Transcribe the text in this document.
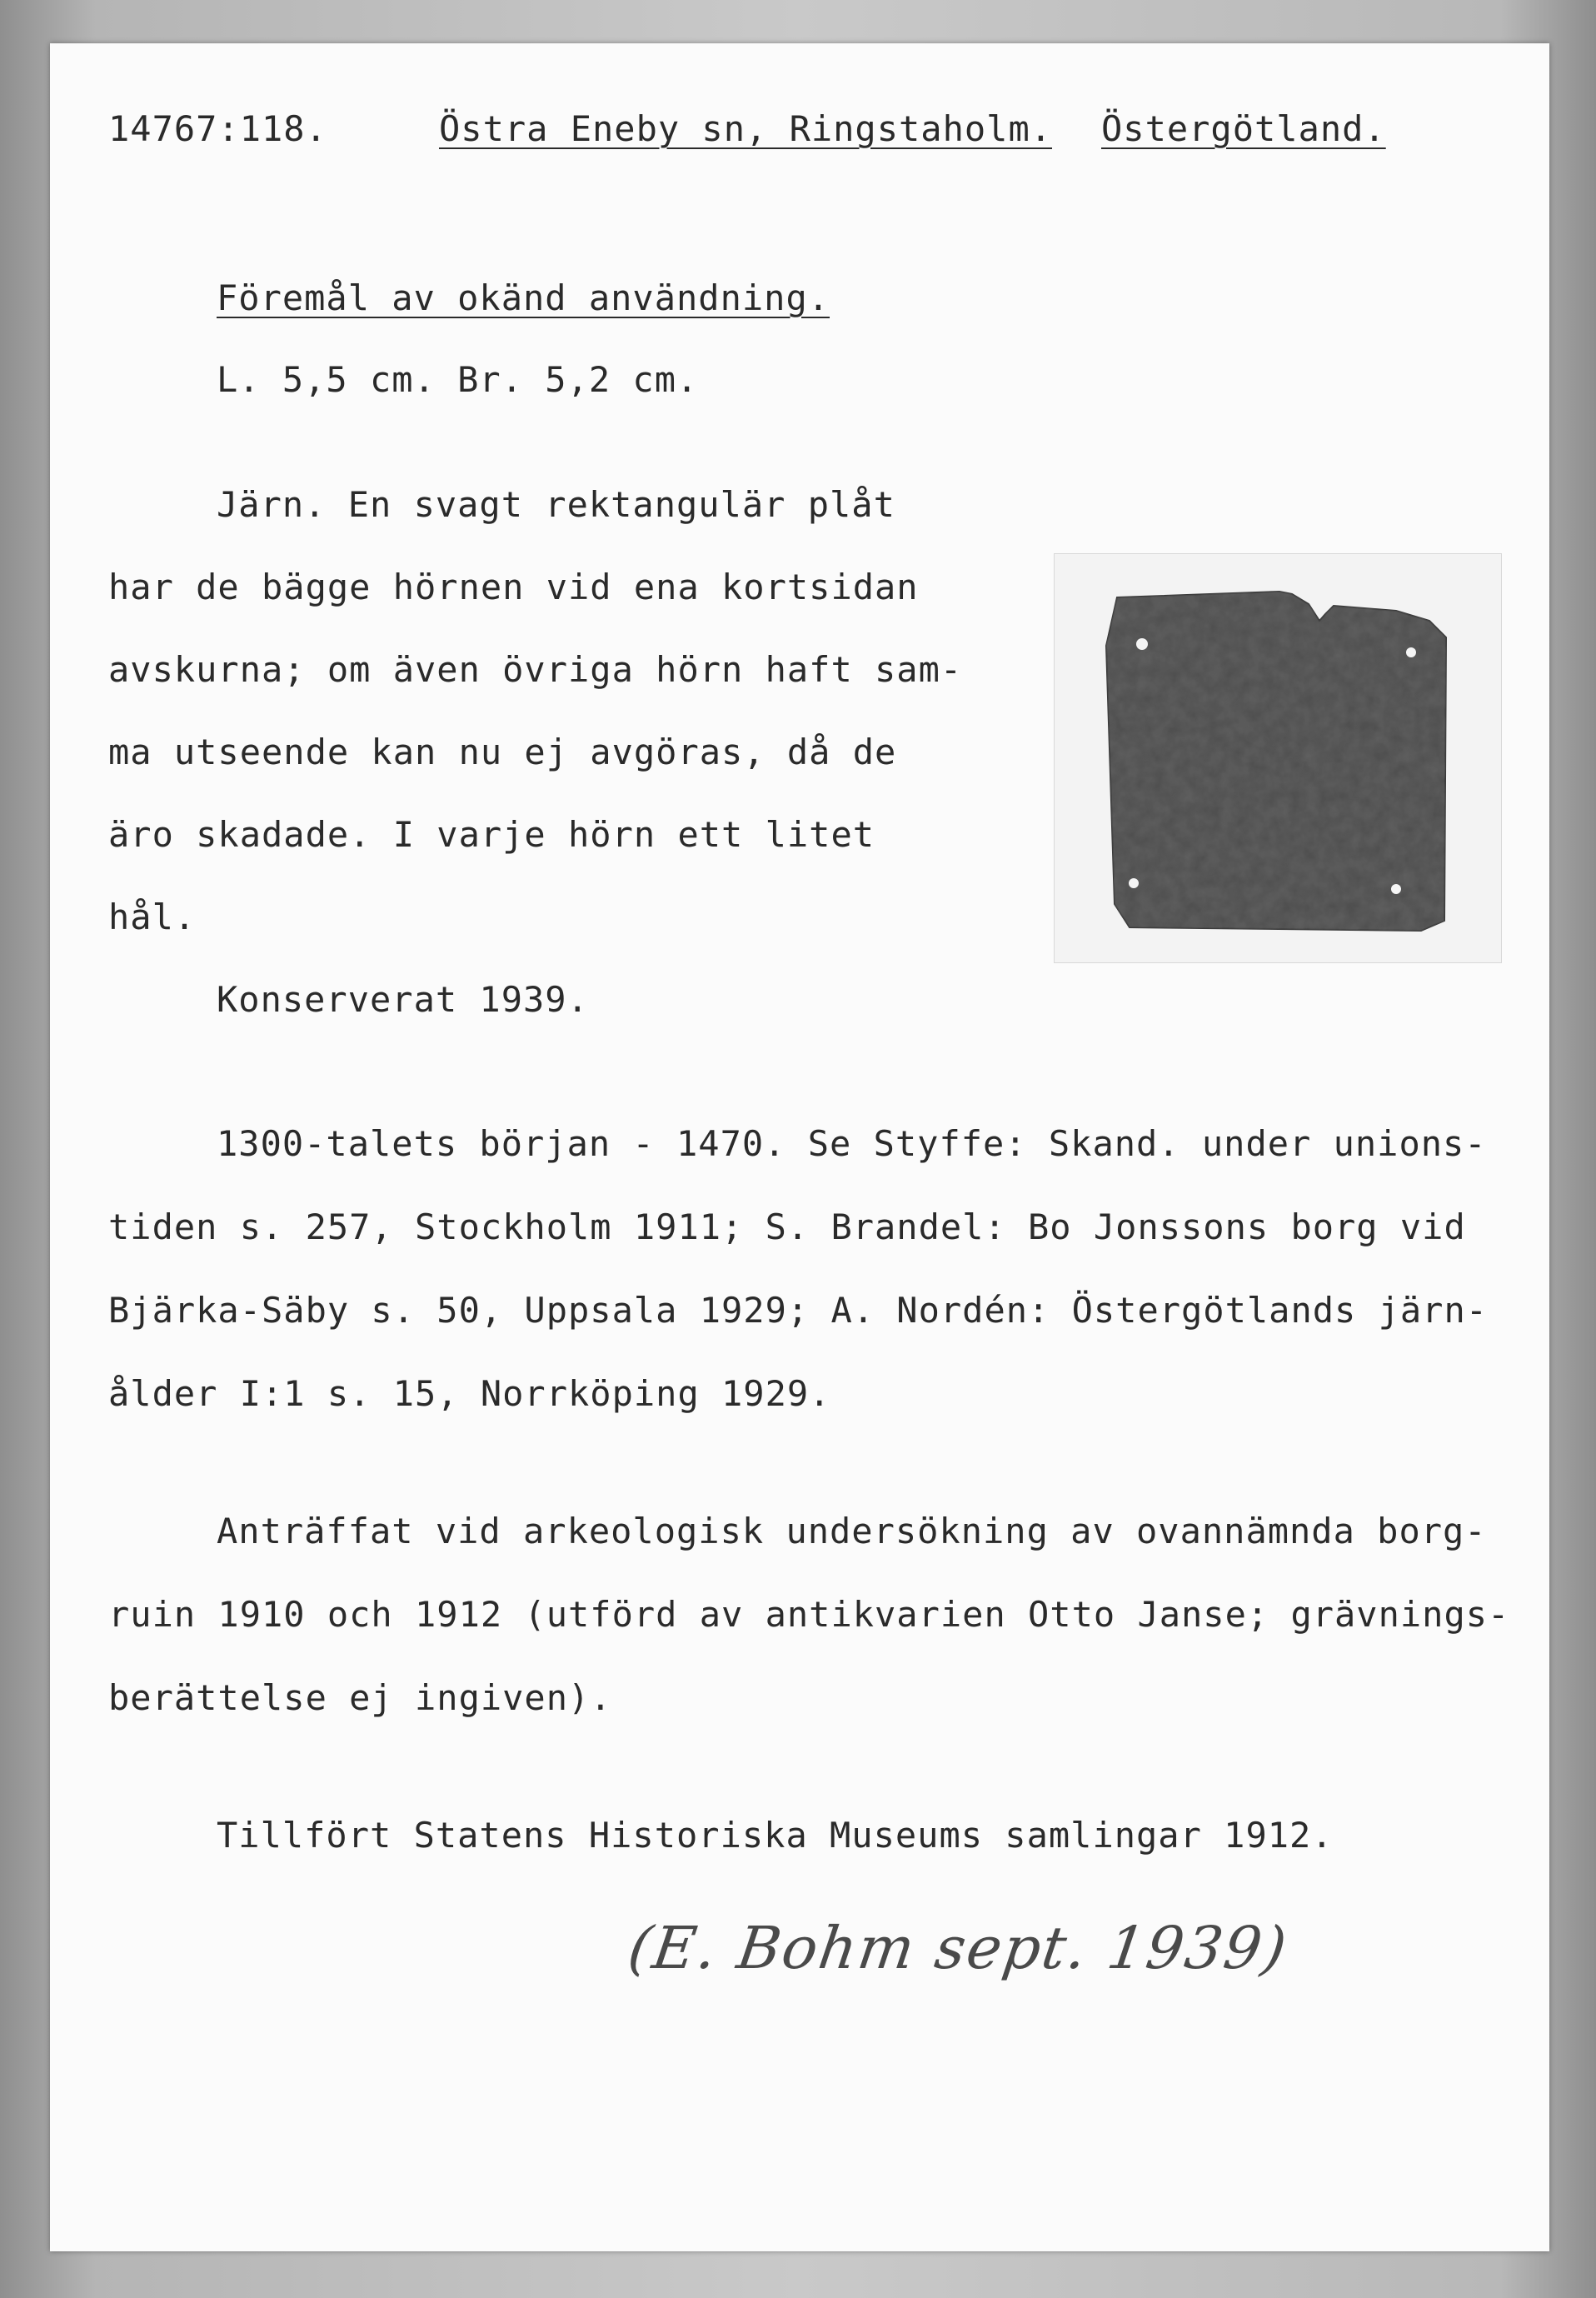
14767:118.	Östra Eneby sn, Ringstaholm. Östergötland.
Föremål av okänd användning.
L. 5,5 cm. Br. 5,2 cm.
Järn. En svagt rektangulär plåt
har de bägge hörnen vid ena kortsidan
avskurna; om även övriga hörn haft sam-
ma utseende kan nu ej avgöras, då de
äro skadade. I varje hörn ett litet
hål.
Konserverat 1939.
1300-talets början - 1470. Se Styffe: Skand. under unions-
tiden s. 257, Stockholm 1911; S. Brandel: Bo Jonssons borg vid
Bjärka-Säby s. 50, Uppsala 1929; A. Nordén: Östergötlands järn-
ålder I:1 s. 15, Norrköping 1929.
Anträffat vid arkeologisk undersökning av ovannämnda borg-
ruin 1910 och 1912 (utförd av antikvarien Otto Janse; grävnings-
berättelse ej ingiven).
Tillfört Statens Historiska Museums samlingar 1912.
(E. Bohm sept. 1939)
